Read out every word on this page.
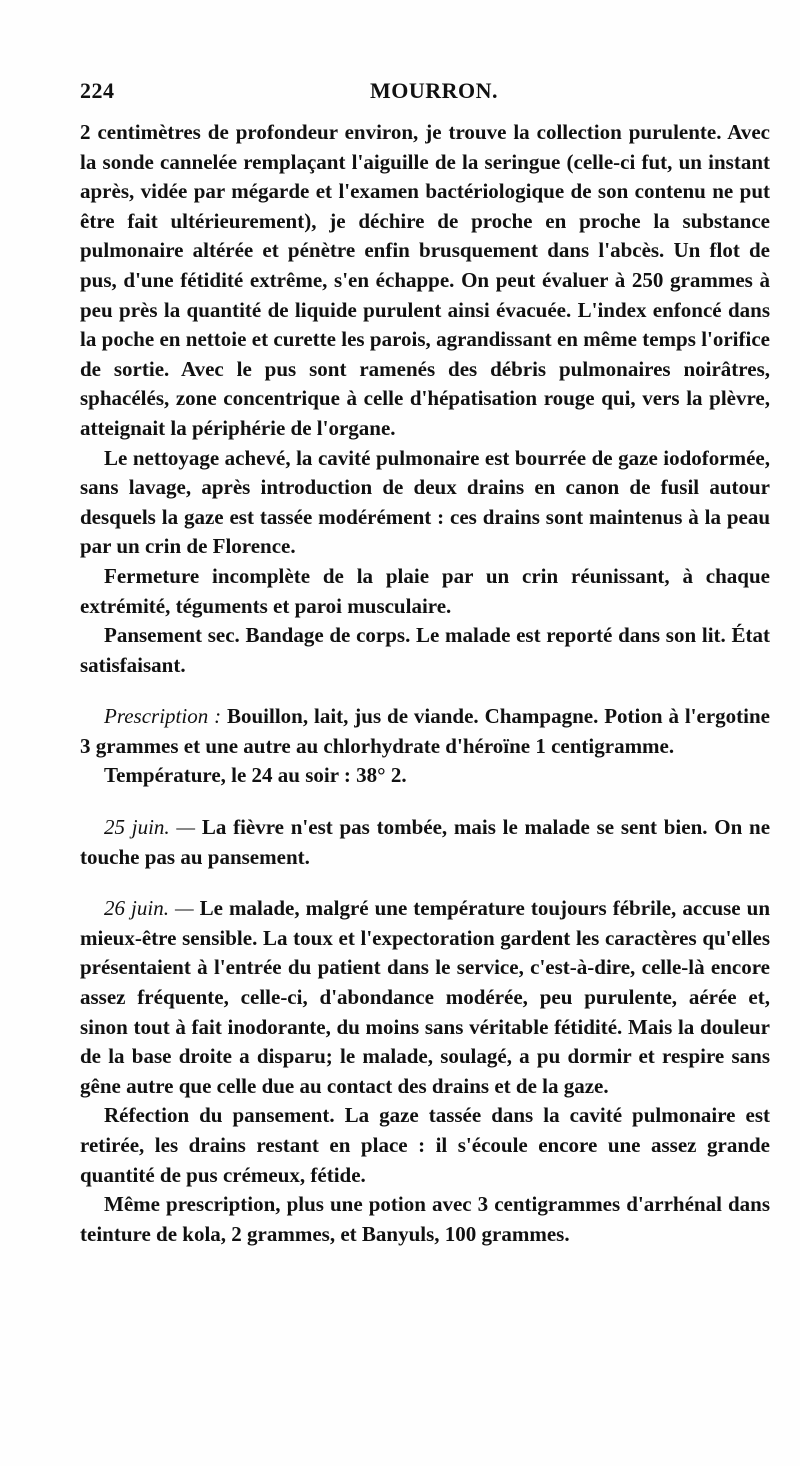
224	MOURRON.

2 centimètres de profondeur environ, je trouve la collection purulente. Avec la sonde cannelée remplaçant l'aiguille de la seringue (celle-ci fut, un instant après, vidée par mégarde et l'examen bactériologique de son contenu ne put être fait ultérieurement), je déchire de proche en proche la substance pulmonaire altérée et pénètre enfin brusquement dans l'abcès. Un flot de pus, d'une fétidité extrême, s'en échappe. On peut évaluer à 250 grammes à peu près la quantité de liquide purulent ainsi évacuée. L'index enfoncé dans la poche en nettoie et curette les parois, agrandissant en même temps l'orifice de sortie. Avec le pus sont ramenés des débris pulmonaires noirâtres, sphacélés, zone concentrique à celle d'hépatisation rouge qui, vers la plèvre, atteignait la périphérie de l'organe.

Le nettoyage achevé, la cavité pulmonaire est bourrée de gaze iodoformée, sans lavage, après introduction de deux drains en canon de fusil autour desquels la gaze est tassée modérément : ces drains sont maintenus à la peau par un crin de Florence.

Fermeture incomplète de la plaie par un crin réunissant, à chaque extrémité, téguments et paroi musculaire.

Pansement sec. Bandage de corps. Le malade est reporté dans son lit. État satisfaisant.

Prescription : Bouillon, lait, jus de viande. Champagne. Potion à l'ergotine 3 grammes et une autre au chlorhydrate d'héroïne 1 centigramme.

Température, le 24 au soir : 38° 2.

25 juin. — La fièvre n'est pas tombée, mais le malade se sent bien. On ne touche pas au pansement.

26 juin. — Le malade, malgré une température toujours fébrile, accuse un mieux-être sensible. La toux et l'expectoration gardent les caractères qu'elles présentaient à l'entrée du patient dans le service, c'est-à-dire, celle-là encore assez fréquente, celle-ci, d'abondance modérée, peu purulente, aérée et, sinon tout à fait inodorante, du moins sans véritable fétidité. Mais la douleur de la base droite a disparu; le malade, soulagé, a pu dormir et respire sans gêne autre que celle due au contact des drains et de la gaze.

Réfection du pansement. La gaze tassée dans la cavité pulmonaire est retirée, les drains restant en place : il s'écoule encore une assez grande quantité de pus crémeux, fétide.

Même prescription, plus une potion avec 3 centigrammes d'arrhénal dans teinture de kola, 2 grammes, et Banyuls, 100 grammes.
